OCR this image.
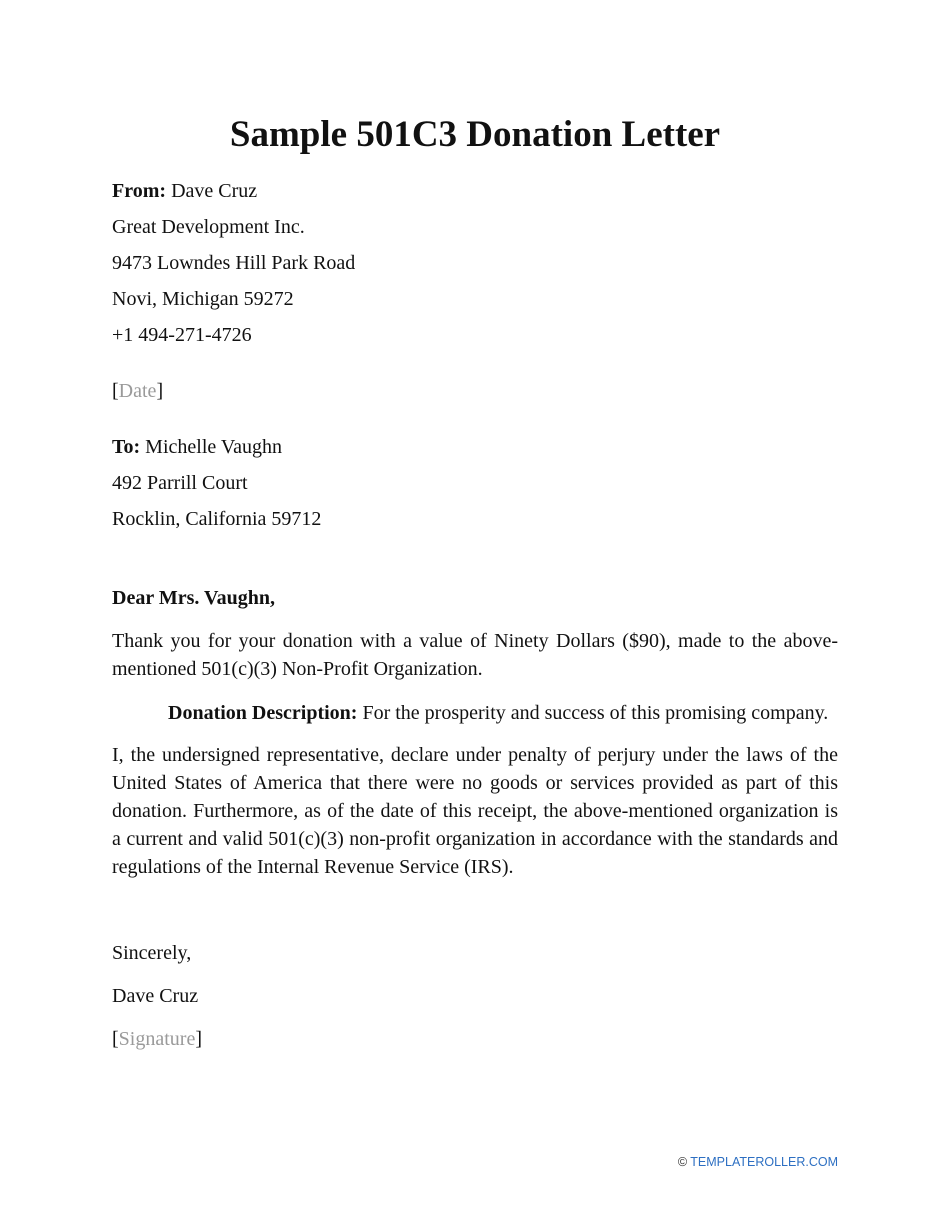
Sample 501C3 Donation Letter
From: Dave Cruz
Great Development Inc.
9473 Lowndes Hill Park Road
Novi, Michigan 59272
+1 494-271-4726
[Date]
To: Michelle Vaughn
492 Parrill Court
Rocklin, California 59712
Dear Mrs. Vaughn,
Thank you for your donation with a value of Ninety Dollars ($90), made to the above-mentioned 501(c)(3) Non-Profit Organization.
Donation Description: For the prosperity and success of this promising company.
I, the undersigned representative, declare under penalty of perjury under the laws of the United States of America that there were no goods or services provided as part of this donation. Furthermore, as of the date of this receipt, the above-mentioned organization is a current and valid 501(c)(3) non-profit organization in accordance with the standards and regulations of the Internal Revenue Service (IRS).
Sincerely,
Dave Cruz
[Signature]
© TEMPLATEROLLER.COM
